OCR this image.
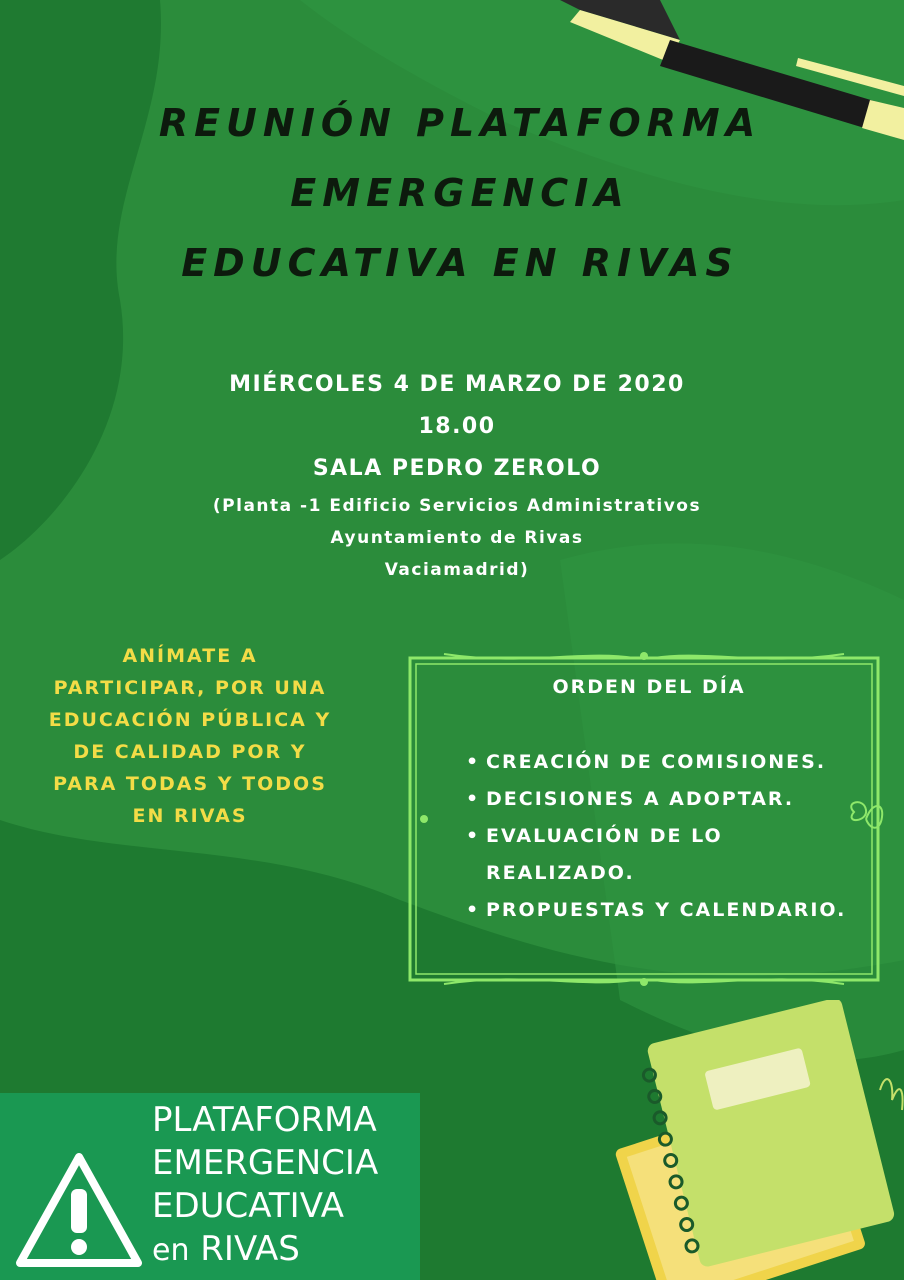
REUNIÓN PLATAFORMA
EMERGENCIA
EDUCATIVA EN RIVAS
MIÉRCOLES 4 DE MARZO DE 2020
18.00
SALA PEDRO ZEROLO
(Planta -1 Edificio Servicios Administrativos
Ayuntamiento de Rivas
Vaciamadrid)
ANÍMATE A
PARTICIPAR, POR UNA
EDUCACIÓN PÚBLICA Y
DE CALIDAD POR Y
PARA TODAS Y TODOS
EN RIVAS
ORDEN DEL DÍA
• CREACIÓN DE COMISIONES.
• DECISIONES A ADOPTAR.
• EVALUACIÓN DE LO REALIZADO.
• PROPUESTAS Y CALENDARIO.
PLATAFORMA
EMERGENCIA
EDUCATIVA
en RIVAS
